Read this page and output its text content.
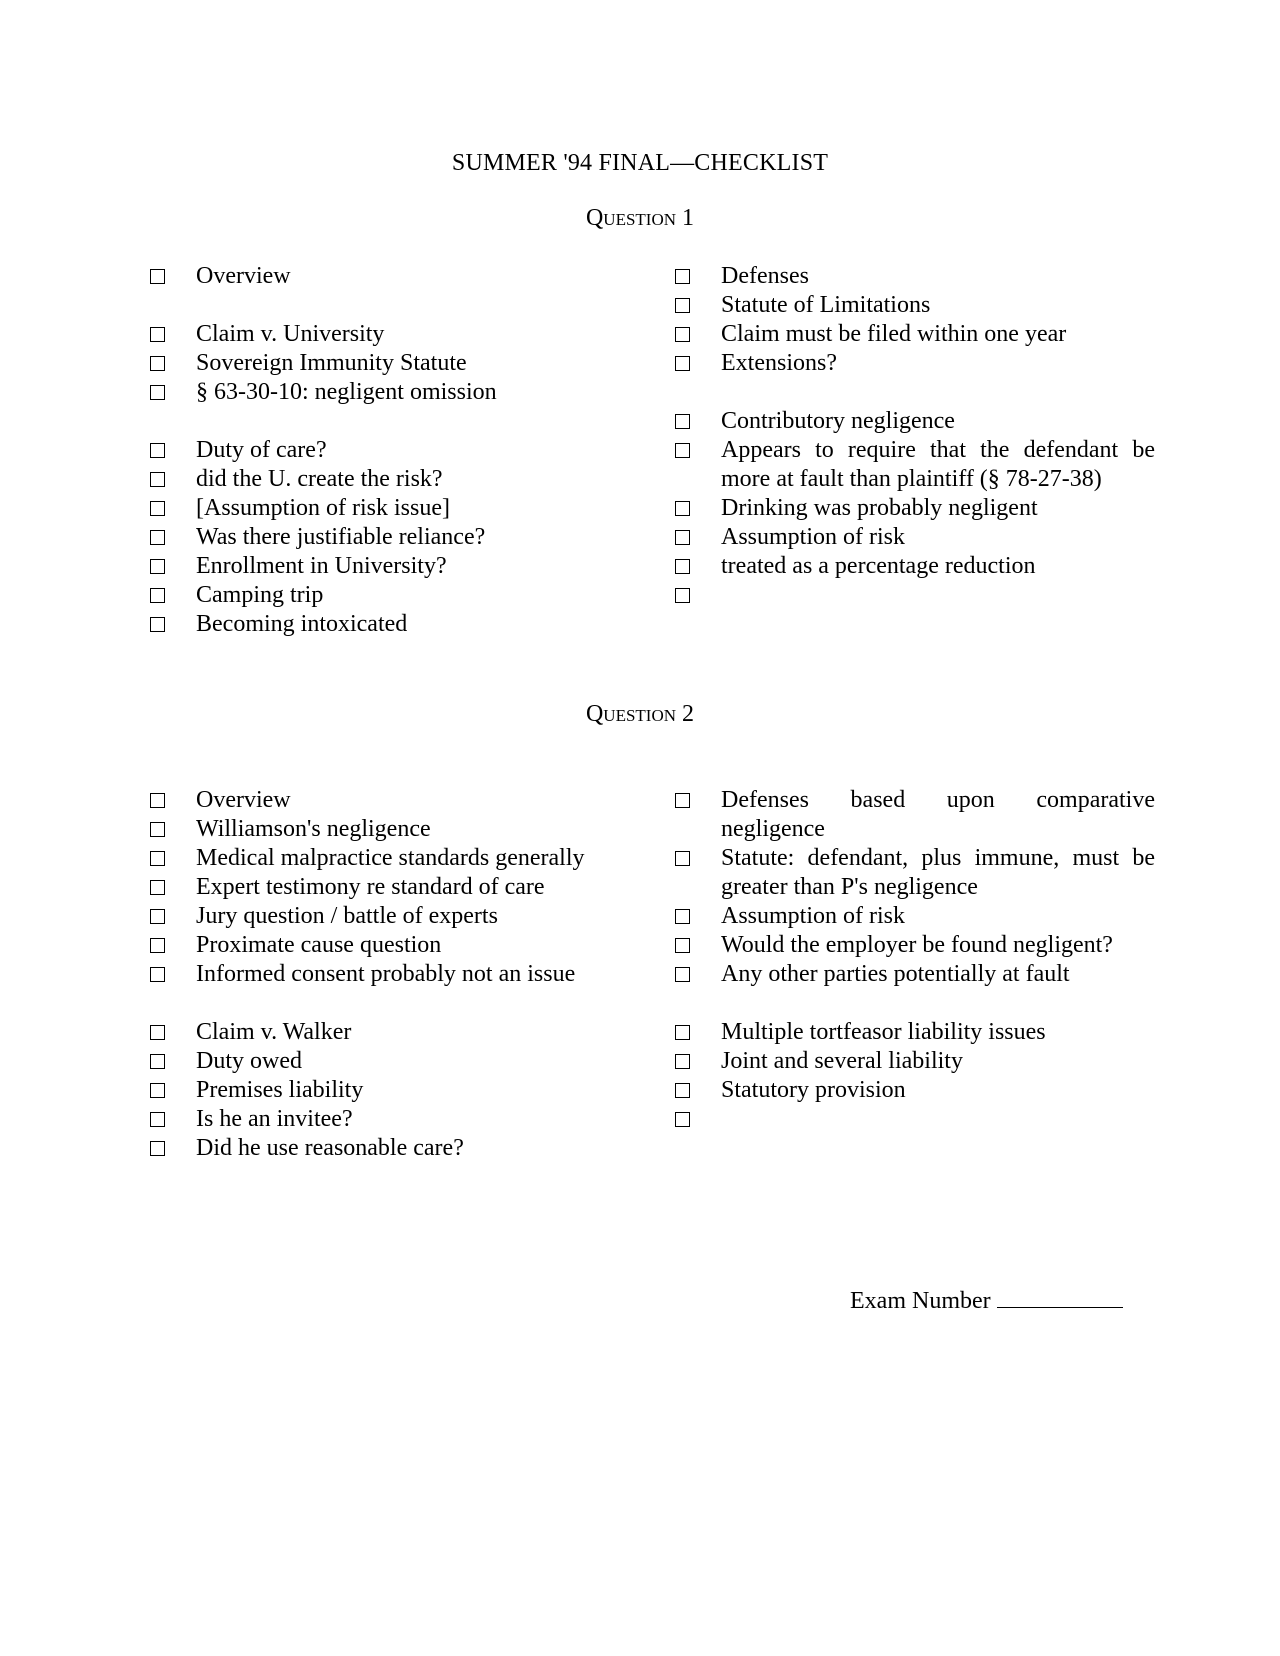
SUMMER '94 FINAL—CHECKLIST
Question 1
Overview
Claim v. University
Sovereign Immunity Statute
§ 63-30-10: negligent omission
Duty of care?
did the U. create the risk?
[Assumption of risk issue]
Was there justifiable reliance?
Enrollment in University?
Camping trip
Becoming intoxicated
Defenses
Statute of Limitations
Claim must be filed within one year
Extensions?
Contributory negligence
Appears to require that the defendant be more at fault than plaintiff (§ 78-27-38)
Drinking was probably negligent
Assumption of risk
treated as a percentage reduction
Question 2
Overview
Williamson's negligence
Medical malpractice standards generally
Expert testimony re standard of care
Jury question / battle of experts
Proximate cause question
Informed consent probably not an issue
Claim v. Walker
Duty owed
Premises liability
Is he an invitee?
Did he use reasonable care?
Defenses based upon comparative negligence
Statute: defendant, plus immune, must be greater than P's negligence
Assumption of risk
Would the employer be found negligent?
Any other parties potentially at fault
Multiple tortfeasor liability issues
Joint and several liability
Statutory provision
Exam Number
